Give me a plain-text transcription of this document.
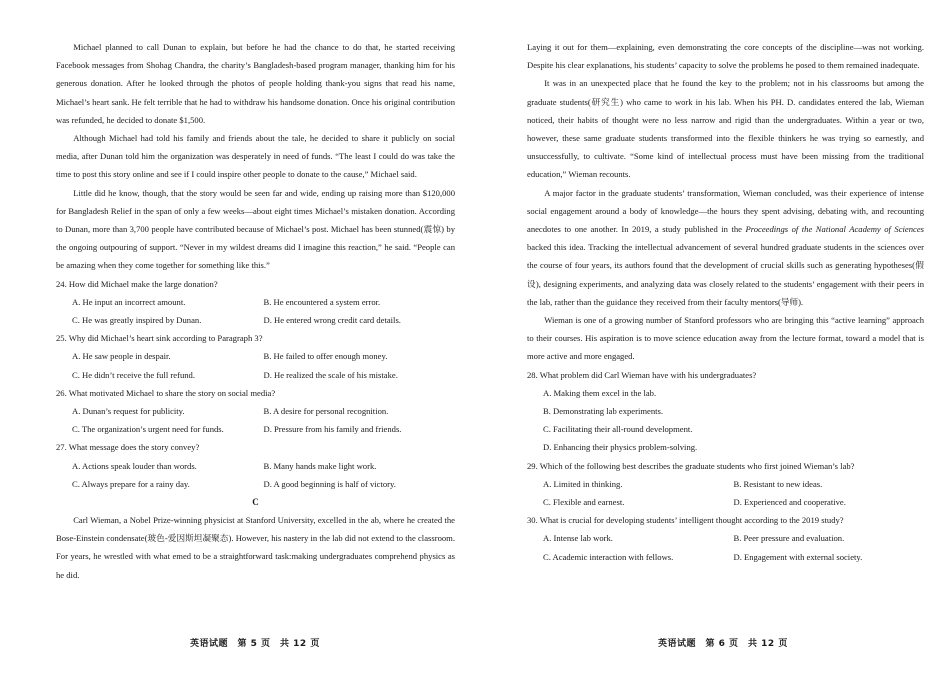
Michael planned to call Dunan to explain, but before he had the chance to do that, he started receiving Facebook messages from Shohag Chandra, the charity’s Bangladesh-based program manager, thanking him for his generous donation. After he looked through the photos of people holding thank-you signs that read his name, Michael’s heart sank. He felt terrible that he had to withdraw his handsome donation. Once his original contribution was refunded, he decided to donate $1,500.

Although Michael had told his family and friends about the tale, he decided to share it publicly on social media, after Dunan told him the organization was desperately in need of funds. “The least I could do was take the time to post this story online and see if I could inspire other people to donate to the cause,” Michael said.

Little did he know, though, that the story would be seen far and wide, ending up raising more than $120,000 for Bangladesh Relief in the span of only a few weeks—about eight times Michael’s mistaken donation. According to Dunan, more than 3,700 people have contributed because of Michael’s post. Michael has been stunned(震惊) by the ongoing outpouring of support. “Never in my wildest dreams did I imagine this reaction,” he said. “People can be amazing when they come together for something like this.”

24. How did Michael make the large donation?

A. He input an incorrect amount.	B. He encountered a system error.
C. He was greatly inspired by Dunan.	D. He entered wrong credit card details.

25. Why did Michael’s heart sink according to Paragraph 3?

A. He saw people in despair.	B. He failed to offer enough money.
C. He didn’t receive the full refund.	D. He realized the scale of his mistake.

26. What motivated Michael to share the story on social media?

A. Dunan’s request for publicity.	B. A desire for personal recognition.
C. The organization’s urgent need for funds.	D. Pressure from his family and friends.

27. What message does the story convey?

A. Actions speak louder than words.	B. Many hands make light work.
C. Always prepare for a rainy day.	D. A good beginning is half of victory.

C

Carl Wieman, a Nobel Prize-winning physicist at Stanford University, excelled in the ab, where he created the Bose-Einstein condensate(玻色-爱因斯坦凝聚态). However, his nastery in the lab did not extend to the classroom. For years, he wrestled with what emed to be a straightforward task:making undergraduates comprehend physics as he did.

英语试题　第 5 页　共 12 页

Laying it out for them—explaining, even demonstrating the core concepts of the discipline—was not working. Despite his clear explanations, his students’ capacity to solve the problems he posed to them remained inadequate.

It was in an unexpected place that he found the key to the problem; not in his classrooms but among the graduate students(研究生) who came to work in his lab. When his PH. D. candidates entered the lab, Wieman noticed, their habits of thought were no less narrow and rigid than the undergraduates. Within a year or two, however, these same graduate students transformed into the flexible thinkers he was trying so earnestly, and unsuccessfully, to cultivate. “Some kind of intellectual process must have been missing from the traditional education,” Wieman recounts.

A major factor in the graduate students’ transformation, Wieman concluded, was their experience of intense social engagement around a body of knowledge—the hours they spent advising, debating with, and recounting anecdotes to one another. In 2019, a study published in the Proceedings of the National Academy of Sciences backed this idea. Tracking the intellectual advancement of several hundred graduate students in the sciences over the course of four years, its authors found that the development of crucial skills such as generating hypotheses(假设), designing experiments, and analyzing data was closely related to the students’ engagement with their peers in the lab, rather than the guidance they received from their faculty mentors(导师).

Wieman is one of a growing number of Stanford professors who are bringing this “active learning” approach to their courses. His aspiration is to move science education away from the lecture format, toward a model that is more active and more engaged.

28. What problem did Carl Wieman have with his undergraduates?

A. Making them excel in the lab.
B. Demonstrating lab experiments.
C. Facilitating their all-round development.
D. Enhancing their physics problem-solving.

29. Which of the following best describes the graduate students who first joined Wieman’s lab?

A. Limited in thinking.	B. Resistant to new ideas.
C. Flexible and earnest.	D. Experienced and cooperative.

30. What is crucial for developing students’ intelligent thought according to the 2019 study?

A. Intense lab work.	B. Peer pressure and evaluation.
C. Academic interaction with fellows.	D. Engagement with external society.
英语试题　第 6 页　共 12 页
